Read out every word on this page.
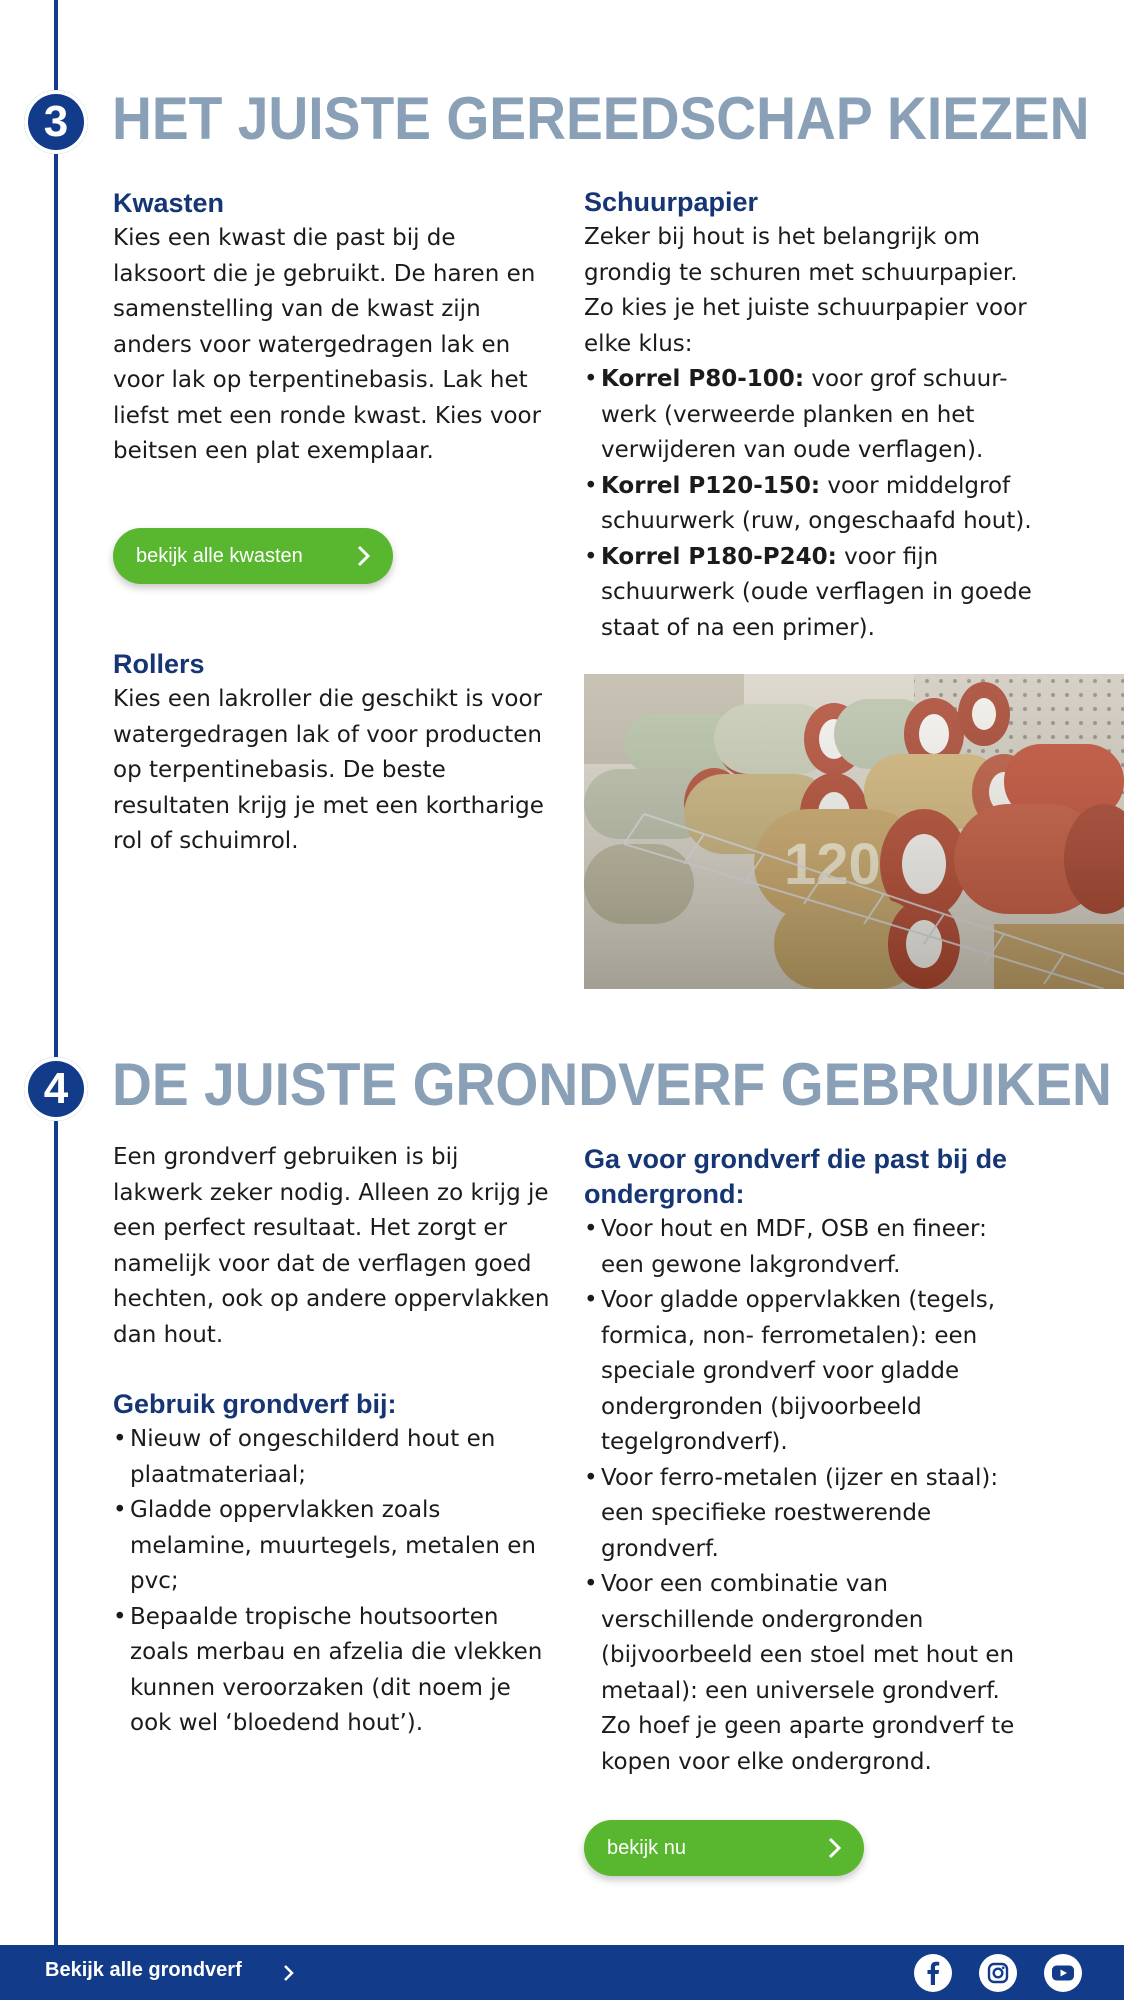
3 HET JUISTE GEREEDSCHAP KIEZEN
Kwasten

Kies een kwast die past bij de laksoort die je gebruikt. De haren en samenstelling van de kwast zijn anders voor watergedragen lak en voor lak op terpentinebasis. Lak het liefst met een ronde kwast. Kies voor beitsen een plat exemplaar.

bekijk alle kwasten
Rollers

Kies een lakroller die geschikt is voor watergedragen lak of voor producten op terpentinebasis. De beste resultaten krijg je met een kortharige rol of schuimrol.

Schuurpapier

Zeker bij hout is het belangrijk om grondig te schuren met schuurpapier. Zo kies je het juiste schuurpapier voor elke klus:

• Korrel P80-100: voor grof schuur-werk (verweerde planken en het verwijderen van oude verflagen).
• Korrel P120-150: voor middelgrof schuurwerk (ruw, ongeschaafd hout).
• Korrel P180-P240: voor fijn schuurwerk (oude verflagen in goede staat of na een primer).
4 DE JUISTE GRONDVERF GEBRUIKEN

Een grondverf gebruiken is bij lakwerk zeker nodig. Alleen zo krijg je een perfect resultaat. Het zorgt er namelijk voor dat de verflagen goed hechten, ook op andere oppervlakken dan hout.

Gebruik grondverf bij:
• Nieuw of ongeschilderd hout en plaatmateriaal;
• Gladde oppervlakken zoals melamine, muurtegels, metalen en pvc;
• Bepaalde tropische houtsoorten zoals merbau en afzelia die vlekken kunnen veroorzaken (dit noem je ook wel ‘bloedend hout’).
Ga voor grondverf die past bij de ondergrond:
• Voor hout en MDF, OSB en fineer: een gewone lakgrondverf.
• Voor gladde oppervlakken (tegels, formica, non- ferrometalen): een speciale grondverf voor gladde ondergronden (bijvoorbeeld tegelgrondverf).
• Voor ferro-metalen (ijzer en staal): een specifieke roestwerende grondverf.
• Voor een combinatie van verschillende ondergronden (bijvoorbeeld een stoel met hout en metaal): een universele grondverf. Zo hoef je geen aparte grondverf te kopen voor elke ondergrond.
bekijk nu
Bekijk alle grondverf
